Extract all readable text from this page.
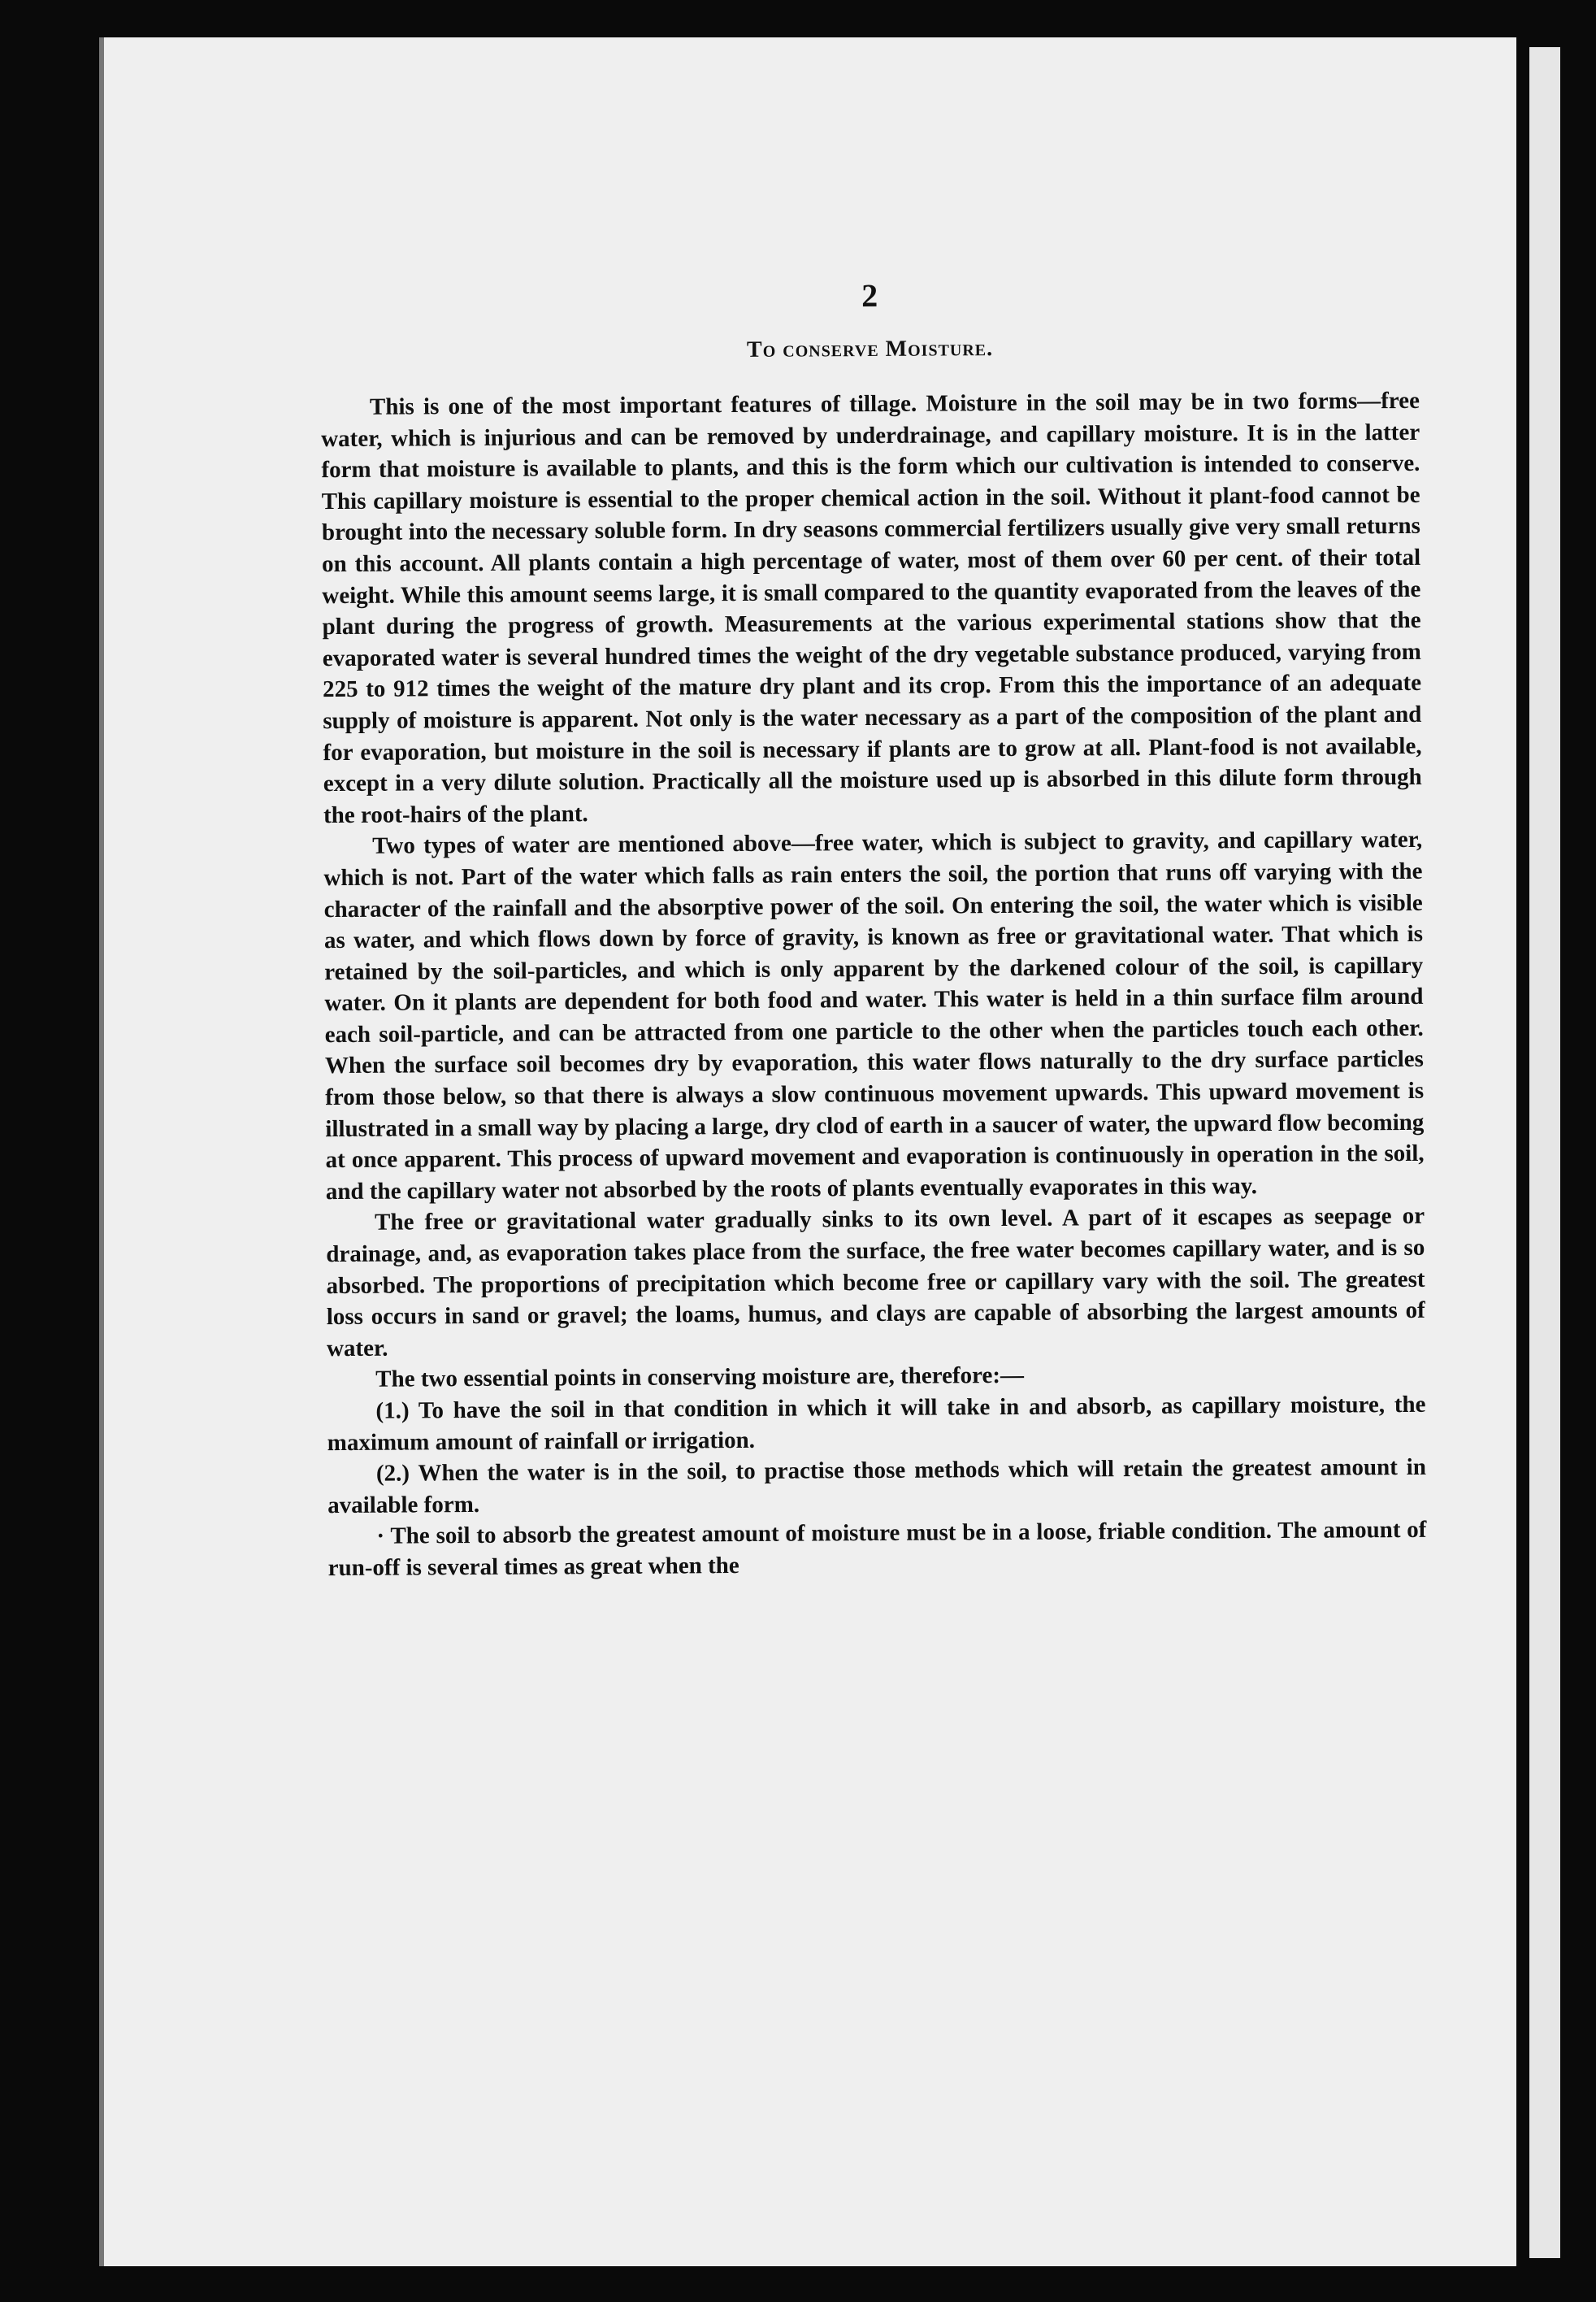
2
To conserve Moisture.

This is one of the most important features of tillage. Moisture in the soil may be in two forms—free water, which is injurious and can be removed by underdrainage, and capillary moisture. It is in the latter form that moisture is available to plants, and this is the form which our cultivation is intended to conserve. This capillary moisture is essential to the proper chemical action in the soil. Without it plant-food cannot be brought into the necessary soluble form. In dry seasons commercial fertilizers usually give very small returns on this account. All plants contain a high percentage of water, most of them over 60 per cent. of their total weight. While this amount seems large, it is small compared to the quantity evaporated from the leaves of the plant during the progress of growth. Measurements at the various experimental stations show that the evaporated water is several hundred times the weight of the dry vegetable substance produced, varying from 225 to 912 times the weight of the mature dry plant and its crop. From this the importance of an adequate supply of moisture is apparent. Not only is the water necessary as a part of the composition of the plant and for evaporation, but moisture in the soil is necessary if plants are to grow at all. Plant-food is not available, except in a very dilute solution. Practically all the moisture used up is absorbed in this dilute form through the root-hairs of the plant.

Two types of water are mentioned above—free water, which is subject to gravity, and capillary water, which is not. Part of the water which falls as rain enters the soil, the portion that runs off varying with the character of the rainfall and the absorptive power of the soil. On entering the soil, the water which is visible as water, and which flows down by force of gravity, is known as free or gravitational water. That which is retained by the soil-particles, and which is only apparent by the darkened colour of the soil, is capillary water. On it plants are dependent for both food and water. This water is held in a thin surface film around each soil-particle, and can be attracted from one particle to the other when the particles touch each other. When the surface soil becomes dry by evaporation, this water flows naturally to the dry surface particles from those below, so that there is always a slow continuous movement upwards. This upward movement is illustrated in a small way by placing a large, dry clod of earth in a saucer of water, the upward flow becoming at once apparent. This process of upward movement and evaporation is continuously in operation in the soil, and the capillary water not absorbed by the roots of plants eventually evaporates in this way.

The free or gravitational water gradually sinks to its own level. A part of it escapes as seepage or drainage, and, as evaporation takes place from the surface, the free water becomes capillary water, and is so absorbed. The proportions of precipitation which become free or capillary vary with the soil. The greatest loss occurs in sand or gravel; the loams, humus, and clays are capable of absorbing the largest amounts of water.

The two essential points in conserving moisture are, therefore:—

(1.) To have the soil in that condition in which it will take in and absorb, as capillary moisture, the maximum amount of rainfall or irrigation.

(2.) When the water is in the soil, to practise those methods which will retain the greatest amount in available form.

· The soil to absorb the greatest amount of moisture must be in a loose, friable condition. The amount of run-off is several times as great when the
